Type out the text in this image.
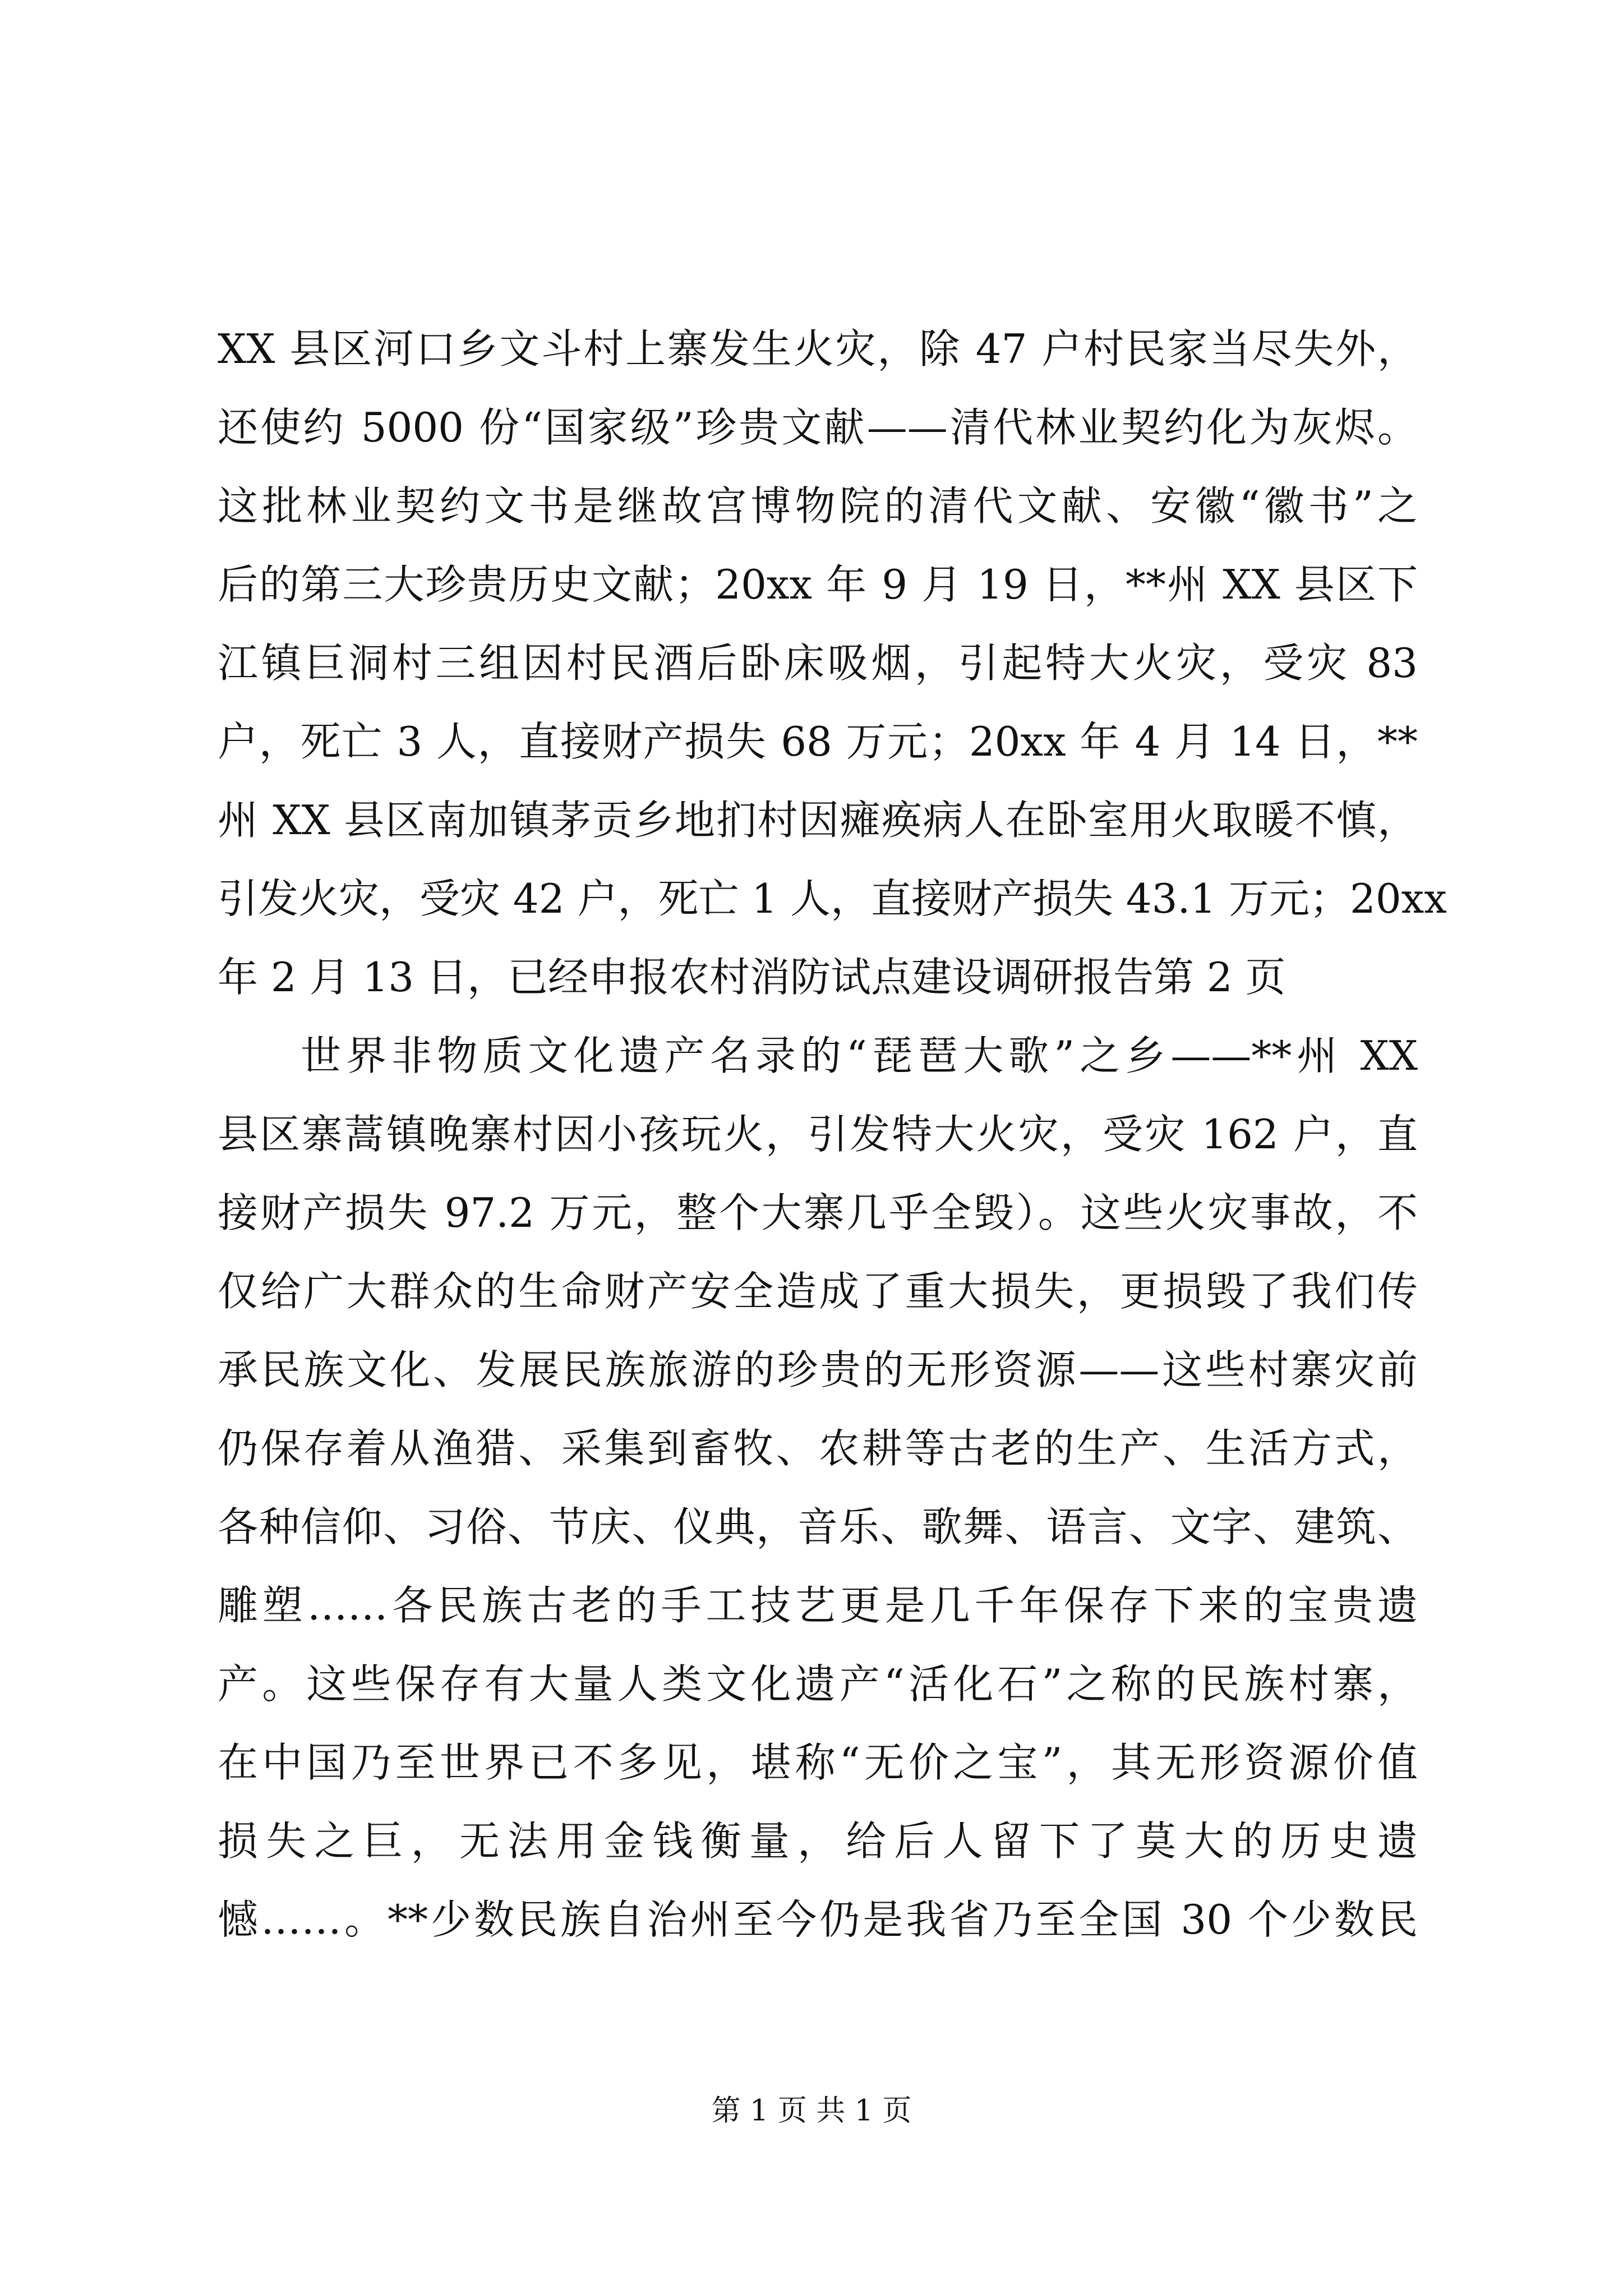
XX 县区河口乡文斗村上寨发生火灾，除 47 户村民家当尽失外，
还使约 5000 份“国家级”珍贵文献——清代林业契约化为灰烬。
这批林业契约文书是继故宫博物院的清代文献、安徽“徽书”之
后的第三大珍贵历史文献；20xx 年 9 月 19 日，**州 XX 县区下
江镇巨洞村三组因村民酒后卧床吸烟，引起特大火灾，受灾 83
户，死亡 3 人，直接财产损失 68 万元；20xx 年 4 月 14 日，**
州 XX 县区南加镇茅贡乡地扪村因瘫痪病人在卧室用火取暖不慎，
引发火灾，受灾 42 户，死亡 1 人，直接财产损失 43.1 万元；20xx
年 2 月 13 日，已经申报农村消防试点建设调研报告第 2 页
世界非物质文化遗产名录的“琵琶大歌”之乡——**州 XX
县区寨蒿镇晚寨村因小孩玩火，引发特大火灾，受灾 162 户，直
接财产损失 97.2 万元，整个大寨几乎全毁）。这些火灾事故，不
仅给广大群众的生命财产安全造成了重大损失，更损毁了我们传
承民族文化、发展民族旅游的珍贵的无形资源——这些村寨灾前
仍保存着从渔猎、采集到畜牧、农耕等古老的生产、生活方式，
各种信仰、习俗、节庆、仪典，音乐、歌舞、语言、文字、建筑、
雕塑……各民族古老的手工技艺更是几千年保存下来的宝贵遗
产。这些保存有大量人类文化遗产“活化石”之称的民族村寨，
在中国乃至世界已不多见，堪称“无价之宝”，其无形资源价值
损失之巨，无法用金钱衡量，给后人留下了莫大的历史遗
憾……。**少数民族自治州至今仍是我省乃至全国 30 个少数民
第 1 页 共 1 页
